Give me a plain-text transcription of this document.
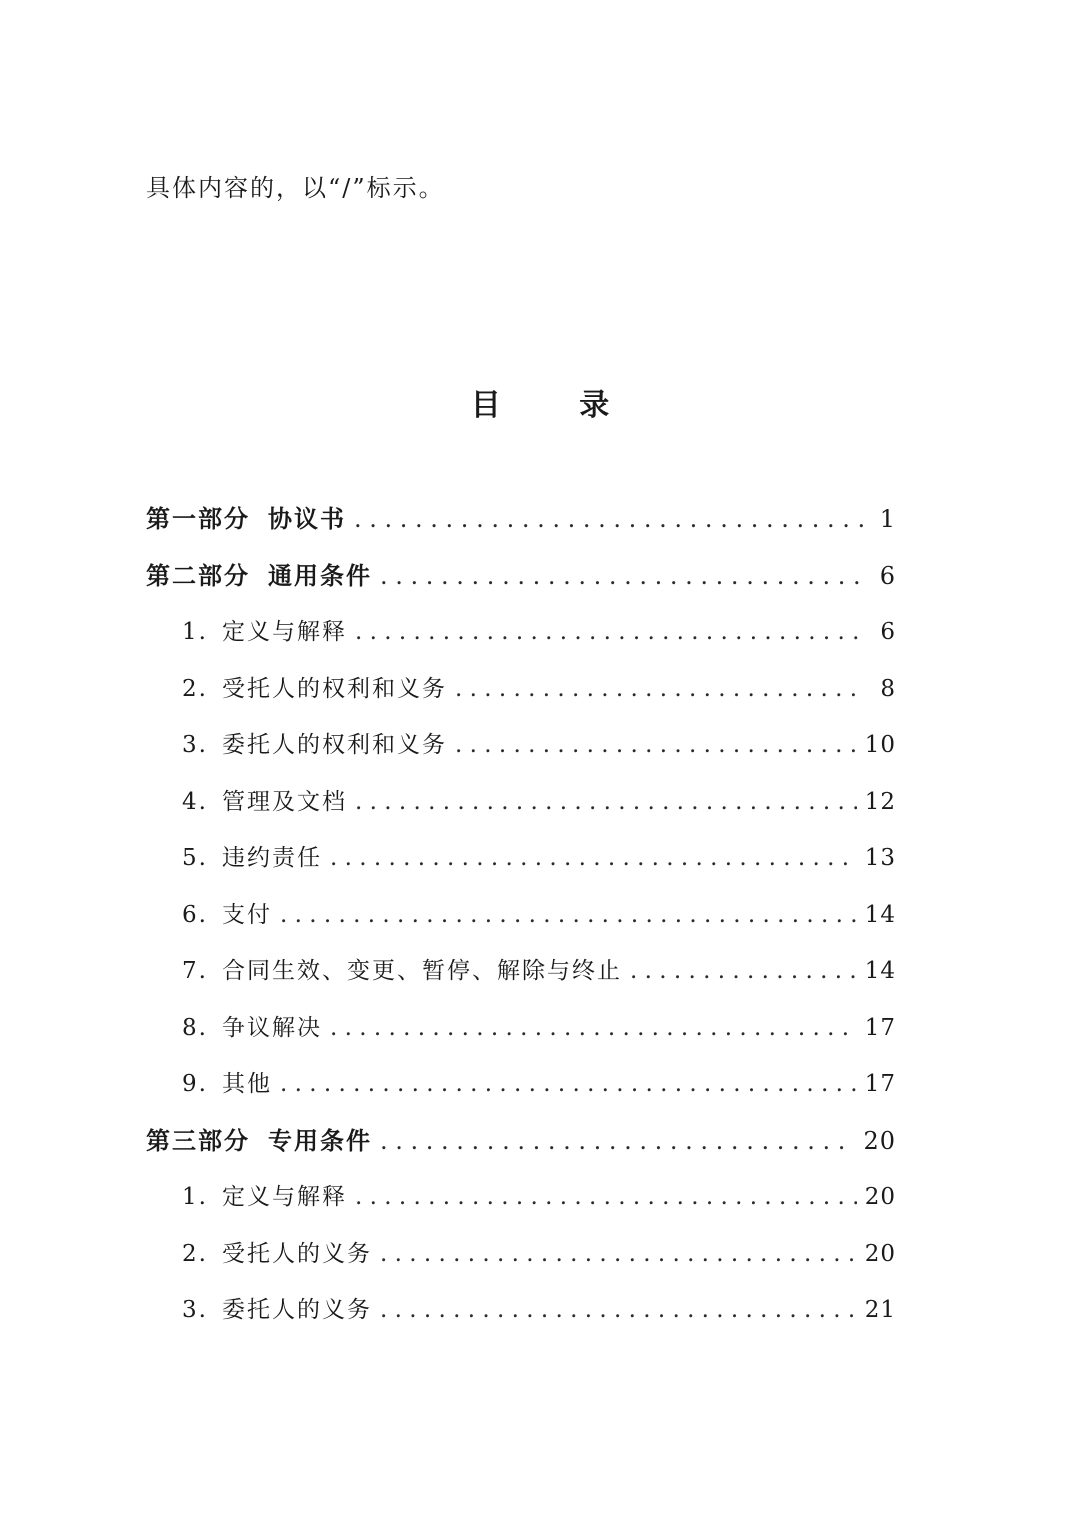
具体内容的，以“/”标示。
目 录
第一部分 协议书 . . .	1
第二部分 通用条件 . . .	6
1. 定义与解释 . . .	6
2. 受托人的权利和义务 . . .	8
3. 委托人的权利和义务 . . .	10
4. 管理及文档 . . .	12
5. 违约责任 . . .	13
6. 支付 . . .	14
7. 合同生效、变更、暂停、解除与终止 . . .	14
8. 争议解决 . . .	17
9. 其他 . . .	17
第三部分 专用条件 . . .	20
1. 定义与解释 . . .	20
2. 受托人的义务 . . .	20
3. 委托人的义务 . . .	21
